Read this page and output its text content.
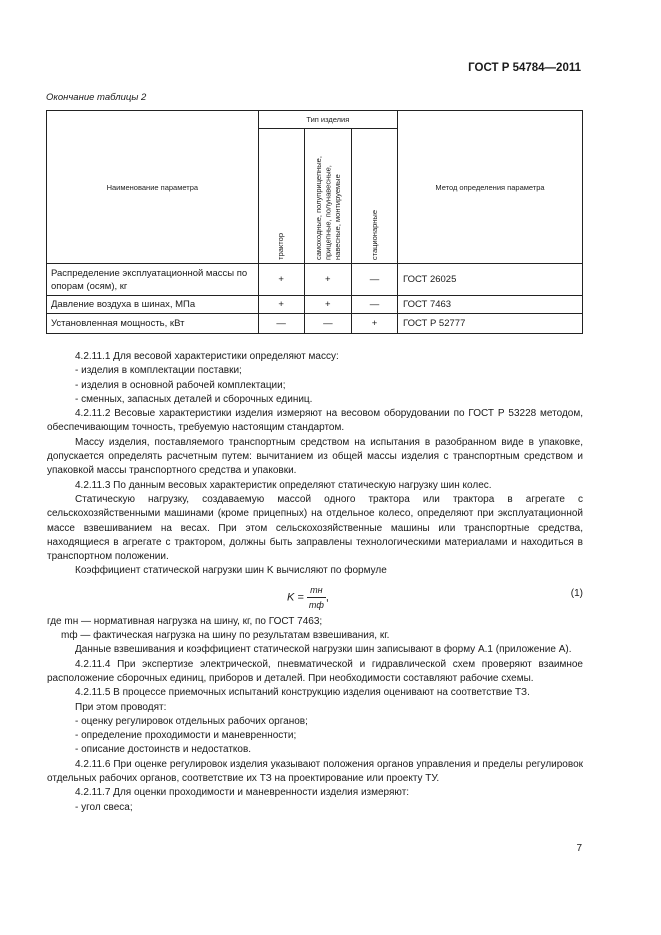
ГОСТ Р 54784—2011
Окончание таблицы 2
Наименование параметра	Тип изделия			Метод определения параметра
	трактор	самоходные, полуприцепные, прицепные, полунавесные, навесные, монтируемые	стационарные	
Распределение эксплуатационной массы по опорам (осям), кг	+	+	—	ГОСТ 26025
Давление воздуха в шинах, МПа	+	+	—	ГОСТ 7463
Установленная мощность, кВт	—	—	+	ГОСТ Р 52777

4.2.11.1 Для весовой характеристики определяют массу:

- изделия в комплектации поставки;

- изделия в основной рабочей комплектации;

- сменных, запасных деталей и сборочных единиц.

4.2.11.2 Весовые характеристики изделия измеряют на весовом оборудовании по ГОСТ Р 53228 методом, обеспечивающим точность, требуемую настоящим стандартом.

Массу изделия, поставляемого транспортным средством на испытания в разобранном виде в упаковке, допускается определять расчетным путем: вычитанием из общей массы изделия с транспортным средством и упаковкой массы транспортного средства и упаковки.

4.2.11.3 По данным весовых характеристик определяют статическую нагрузку шин колес.

Статическую нагрузку, создаваемую массой одного трактора или трактора в агрегате с сельскохозяйственными машинами (кроме прицепных) на отдельное колесо, определяют при эксплуатационной массе взвешиванием на весах. При этом сельскохозяйственные машины или транспортные средства, находящиеся в агрегате с трактором, должны быть заправлены технологическими материалами и находиться в транспортном положении.

Коэффициент статической нагрузки шин K вычисляют по формуле

$K = \frac{mн}{mф}$ ,	(1)

где mн — нормативная нагрузка на шину, кг, по ГОСТ 7463;

mф — фактическая нагрузка на шину по результатам взвешивания, кг.

Данные взвешивания и коэффициент статической нагрузки шин записывают в форму А.1 (приложение А).

4.2.11.4 При экспертизе электрической, пневматической и гидравлической схем проверяют взаимное расположение сборочных единиц, приборов и деталей. При необходимости составляют рабочие схемы.

4.2.11.5 В процессе приемочных испытаний конструкцию изделия оценивают на соответствие ТЗ.

При этом проводят:

- оценку регулировок отдельных рабочих органов;

- определение проходимости и маневренности;

- описание достоинств и недостатков.

4.2.11.6 При оценке регулировок изделия указывают положения органов управления и пределы регулировок отдельных рабочих органов, соответствие их ТЗ на проектирование или проекту ТУ.

4.2.11.7 Для оценки проходимости и маневренности изделия измеряют:

- угол свеса;

7
